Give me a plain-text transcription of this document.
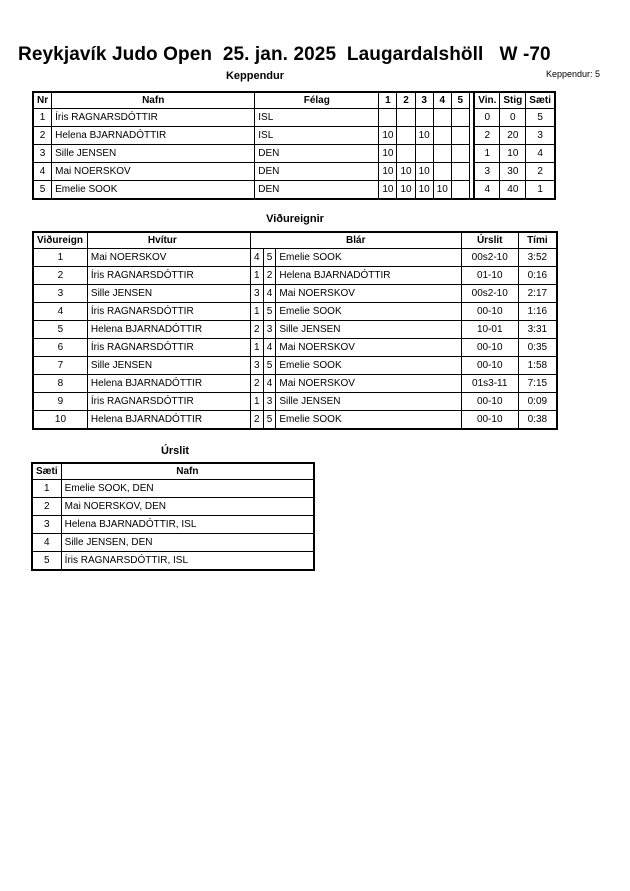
Reykjavík Judo Open  25. jan. 2025  Laugardalshöll   W -70
Keppendur: 5
Keppendur
Nr	Nafn	Félag	1	2	3	4	5		Vin.	Stig	Sæti
1	Íris RAGNARSDÓTTIR	ISL							0	0	5
2	Helena BJARNADÓTTIR	ISL	10		10				2	20	3
3	Sille JENSEN	DEN	10						1	10	4
4	Mai NOERSKOV	DEN	10	10	10				3	30	2
5	Emelie SOOK	DEN	10	10	10	10			4	40	1
Viðureignir
Viðureign	Hvítur	Blár			Úrslit	Tími
1	Mai NOERSKOV	4	5	Emelie SOOK	00s2-10	3:52
2	Íris RAGNARSDÓTTIR	1	2	Helena BJARNADÓTTIR	01-10	0:16
3	Sille JENSEN	3	4	Mai NOERSKOV	00s2-10	2:17
4	Íris RAGNARSDÓTTIR	1	5	Emelie SOOK	00-10	1:16
5	Helena BJARNADÓTTIR	2	3	Sille JENSEN	10-01	3:31
6	Íris RAGNARSDÓTTIR	1	4	Mai NOERSKOV	00-10	0:35
7	Sille JENSEN	3	5	Emelie SOOK	00-10	1:58
8	Helena BJARNADÓTTIR	2	4	Mai NOERSKOV	01s3-11	7:15
9	Íris RAGNARSDÓTTIR	1	3	Sille JENSEN	00-10	0:09
10	Helena BJARNADÓTTIR	2	5	Emelie SOOK	00-10	0:38
Úrslit
Sæti	Nafn
1	Emelie SOOK, DEN
2	Mai NOERSKOV, DEN
3	Helena BJARNADÓTTIR, ISL
4	Sille JENSEN, DEN
5	Íris RAGNARSDÓTTIR, ISL
